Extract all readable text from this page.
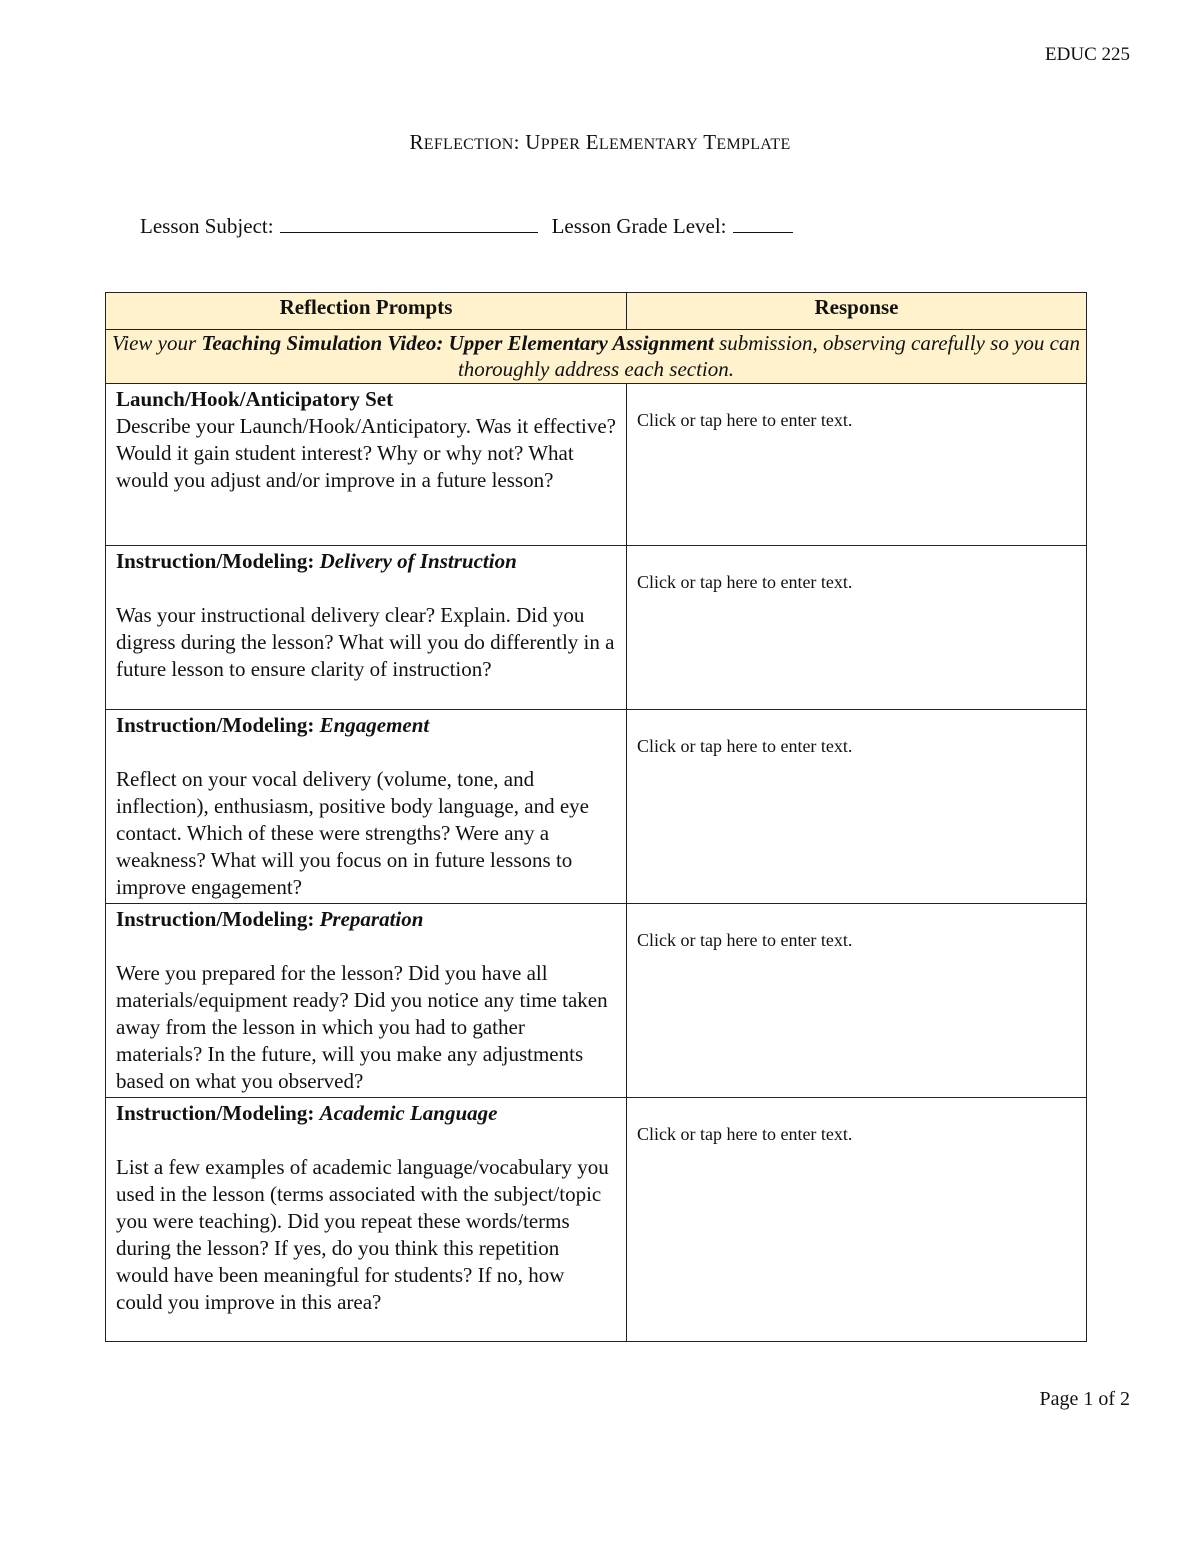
EDUC 225
REFLECTION: UPPER ELEMENTARY TEMPLATE
Lesson Subject:	Lesson Grade Level:
Reflection Prompts	Response
View your Teaching Simulation Video: Upper Elementary Assignment submission, observing carefully so you can thoroughly address each section.	

Launch/Hook/Anticipatory Set
Describe your Launch/Hook/Anticipatory. Was it effective? Would it gain student interest? Why or why not? What would you adjust and/or improve in a future lesson?	Click or tap here to enter text.

Instruction/Modeling: Delivery of Instruction
Was your instructional delivery clear? Explain. Did you digress during the lesson? What will you do differently in a future lesson to ensure clarity of instruction?	Click or tap here to enter text.

Instruction/Modeling: Engagement
Reflect on your vocal delivery (volume, tone, and inflection), enthusiasm, positive body language, and eye contact. Which of these were strengths? Were any a weakness? What will you focus on in future lessons to improve engagement?	Click or tap here to enter text.

Instruction/Modeling: Preparation
Were you prepared for the lesson? Did you have all materials/equipment ready? Did you notice any time taken away from the lesson in which you had to gather materials? In the future, will you make any adjustments based on what you observed?	Click or tap here to enter text.

Instruction/Modeling: Academic Language
List a few examples of academic language/vocabulary you used in the lesson (terms associated with the subject/topic you were teaching). Did you repeat these words/terms during the lesson? If yes, do you think this repetition would have been meaningful for students? If no, how could you improve in this area?	Click or tap here to enter text.
Page 1 of 2
